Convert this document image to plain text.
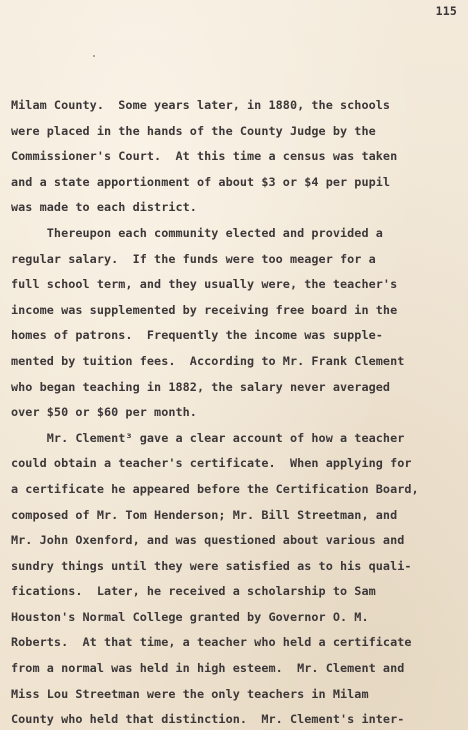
115
Milam County.  Some years later, in 1880, the schools
were placed in the hands of the County Judge by the
Commissioner's Court.  At this time a census was taken
and a state apportionment of about $3 or $4 per pupil
was made to each district.
Thereupon each community elected and provided a
regular salary.  If the funds were too meager for a
full school term, and they usually were, the teacher's
income was supplemented by receiving free board in the
homes of patrons.  Frequently the income was supple-
mented by tuition fees.  According to Mr. Frank Clement
who began teaching in 1882, the salary never averaged
over $50 or $60 per month.
Mr. Clement³ gave a clear account of how a teacher
could obtain a teacher's certificate.  When applying for
a certificate he appeared before the Certification Board,
composed of Mr. Tom Henderson; Mr. Bill Streetman, and
Mr. John Oxenford, and was questioned about various and
sundry things until they were satisfied as to his quali-
fications.  Later, he received a scholarship to Sam
Houston's Normal College granted by Governor O. M.
Roberts.  At that time, a teacher who held a certificate
from a normal was held in high esteem.  Mr. Clement and
Miss Lou Streetman were the only teachers in Milam
County who held that distinction.  Mr. Clement's inter-
